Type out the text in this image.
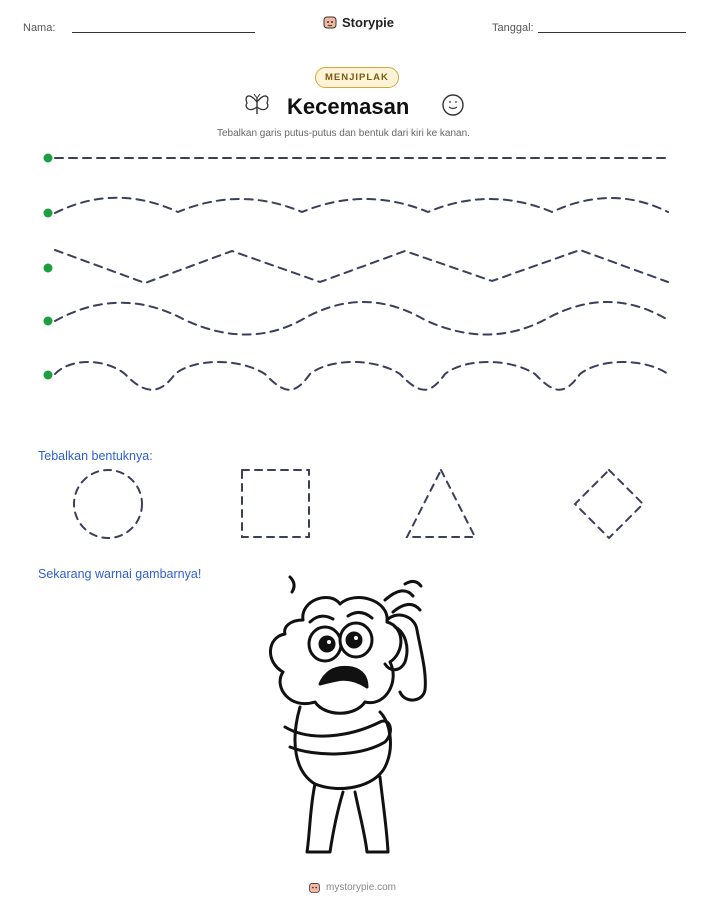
Nama:	Storypie	Tanggal:
MENJIPLAK
Kecemasan
Tebalkan garis putus-putus dan bentuk dari kiri ke kanan.
Tebalkan bentuknya:
Sekarang warnai gambarnya!
mystorypie.com
